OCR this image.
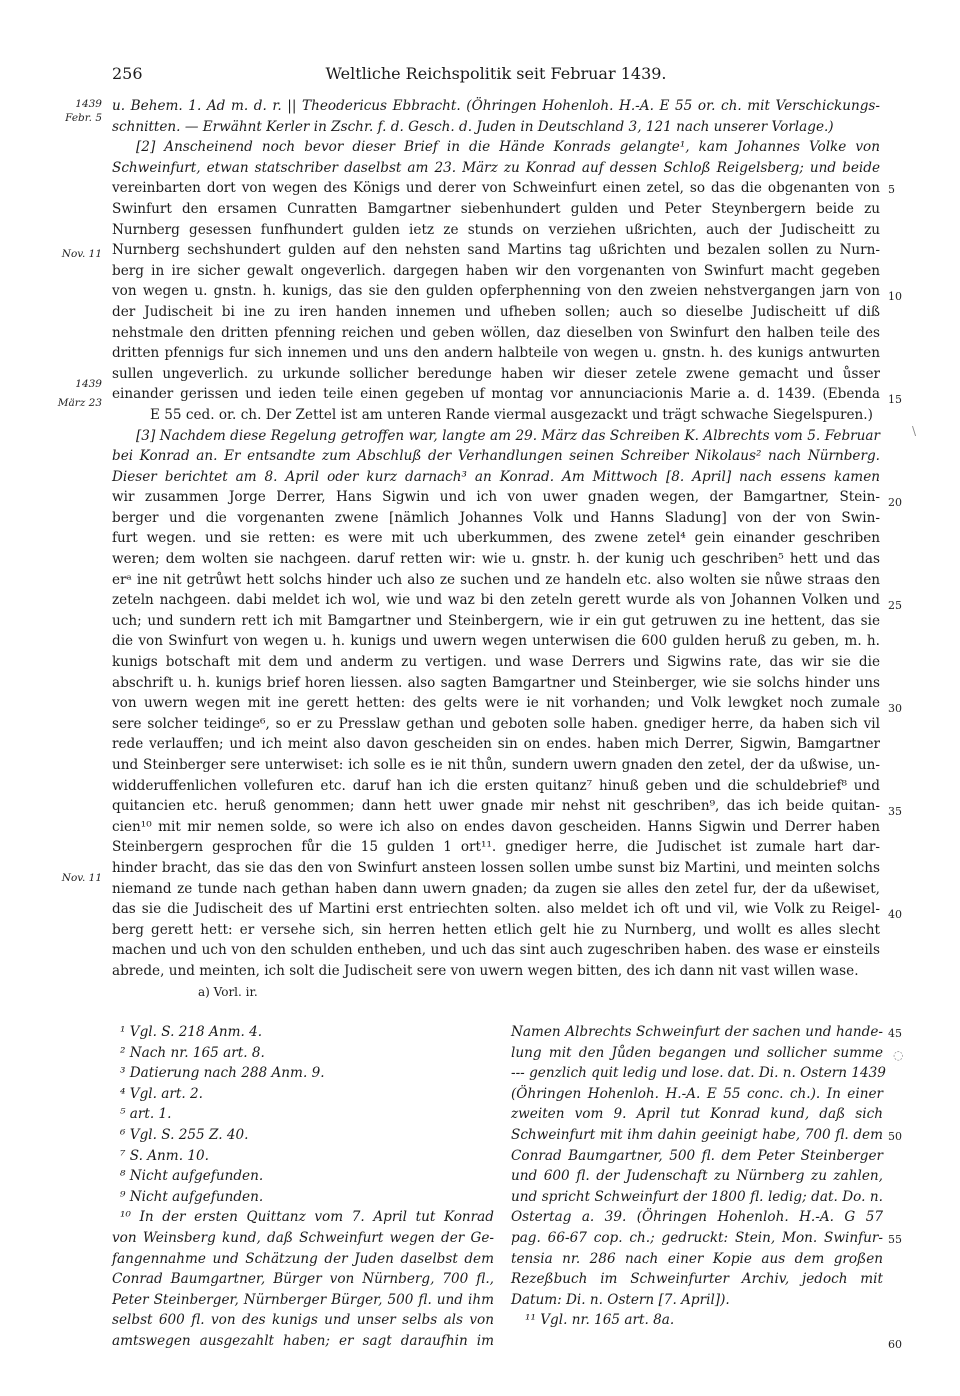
256	Weltliche Reichspolitik seit Februar 1439.
1439
Febr. 5
Nov. 11
1439
März 23
Nov. 11
5
10
15
20
25
30
35
40
45
50
55
60
u. Behem. 1. Ad m. d. r. || Theodericus Ebbracht. (Öhringen Hohenloh. H.-A. E 55 or. ch. mit Verschickungs-
schnitten. — Erwähnt Kerler in Zschr. f. d. Gesch. d. Juden in Deutschland 3, 121 nach unserer Vorlage.)
[2] Anscheinend noch bevor dieser Brief in die Hände Konrads gelangte¹, kam Johannes Volke von
Schweinfurt, etwan statschriber daselbst am 23. März zu Konrad auf dessen Schloß Reigelsberg; und beide
vereinbarten dort von wegen des Königs und derer von Schweinfurt einen zetel, so das die obgenanten von
Swinfurt den ersamen Cunratten Bamgartner siebenhundert gulden und Peter Steynbergern beide zu
Nurnberg gesessen funfhundert gulden ietz ze stunds on verziehen ußrichten, auch der Judischeitt zu
Nurnberg sechshundert gulden auf den nehsten sand Martins tag ußrichten und bezalen sollen zu Nurn-
berg in ire sicher gewalt ongeverlich. dargegen haben wir den vorgenanten von Swinfurt macht gegeben
von wegen u. gnstn. h. kunigs, das sie den gulden opferphenning von den zweien nehstvergangen jarn von
der Judischeit bi ine zu iren handen innemen und ufheben sollen; auch so dieselbe Judischeitt uf diß
nehstmale den dritten pfenning reichen und geben wöllen, daz dieselben von Swinfurt den halben teile des
dritten pfennigs fur sich innemen und uns den andern halbteile von wegen u. gnstn. h. des kunigs antwurten
sullen ungeverlich. zu urkunde sollicher beredunge haben wir dieser zetele zwene gemacht und ůsser
einander gerissen und ieden teile einen gegeben uf montag vor annunciacionis Marie a. d. 1439. (Ebenda
E 55 ced. or. ch. Der Zettel ist am unteren Rande viermal ausgezackt und trägt schwache Siegelspuren.)
[3] Nachdem diese Regelung getroffen war, langte am 29. März das Schreiben K. Albrechts vom 5. Februar
bei Konrad an. Er entsandte zum Abschluß der Verhandlungen seinen Schreiber Nikolaus² nach Nürnberg.
Dieser berichtet am 8. April oder kurz darnach³ an Konrad. Am Mittwoch [8. April] nach essens kamen
wir zusammen Jorge Derrer, Hans Sigwin und ich von uwer gnaden wegen, der Bamgartner, Stein-
berger und die vorgenanten zwene [nämlich Johannes Volk und Hanns Sladung] von der von Swin-
furt wegen. und sie retten: es were mit uch uberkummen, des zwene zetel⁴ gein einander geschriben
weren; dem wolten sie nachgeen. daruf retten wir: wie u. gnstr. h. der kunig uch geschriben⁵ hett und das
erᵃ ine nit getrůwt hett solchs hinder uch also ze suchen und ze handeln etc. also wolten sie nůwe straas den
zeteln nachgeen. dabi meldet ich wol, wie und waz bi den zeteln gerett wurde als von Johannen Volken und
uch; und sundern rett ich mit Bamgartner und Steinbergern, wie ir ein gut getruwen zu ine hettent, das sie
die von Swinfurt von wegen u. h. kunigs und uwern wegen unterwisen die 600 gulden heruß zu geben, m. h.
kunigs botschaft mit dem und anderm zu vertigen. und wase Derrers und Sigwins rate, das wir sie die
abschrift u. h. kunigs brief horen liessen. also sagten Bamgartner und Steinberger, wie sie solchs hinder uns
von uwern wegen mit ine gerett hetten: des gelts were ie nit vorhanden; und Volk lewgket noch zumale
sere solcher teidinge⁶, so er zu Presslaw gethan und geboten solle haben. gnediger herre, da haben sich vil
rede verlauffen; und ich meint also davon gescheiden sin on endes. haben mich Derrer, Sigwin, Bamgartner
und Steinberger sere unterwiset: ich solle es ie nit thůn, sundern uwern gnaden den zetel, der da ußwise, un-
widderuffenlichen vollefuren etc. daruf han ich die ersten quitanz⁷ hinuß geben und die schuldebrief⁸ und
quitancien etc. heruß genommen; dann hett uwer gnade mir nehst nit geschriben⁹, das ich beide quitan-
cien¹⁰ mit mir nemen solde, so were ich also on endes davon gescheiden. Hanns Sigwin und Derrer haben
Steinbergern gesprochen fůr die 15 gulden 1 ort¹¹. gnediger herre, die Judischet ist zumale hart dar-
hinder bracht, das sie das den von Swinfurt ansteen lossen sollen umbe sunst biz Martini, und meinten solchs
niemand ze tunde nach gethan haben dann uwern gnaden; da zugen sie alles den zetel fur, der da ußewiset,
das sie die Judischeit des uf Martini erst entriechten solten. also meldet ich oft und vil, wie Volk zu Reigel-
berg gerett hett: er versehe sich, sin herren hetten etlich gelt hie zu Nurnberg, und wollt es alles slecht
machen und uch von den schulden entheben, und uch das sint auch zugeschriben haben. des wase er einsteils
abrede, und meinten, ich solt die Judischeit sere von uwern wegen bitten, des ich dann nit vast willen wase.
a) Vorl. ir.
¹ Vgl. S. 218 Anm. 4.
² Nach nr. 165 art. 8.
³ Datierung nach 288 Anm. 9.
⁴ Vgl. art. 2.
⁵ art. 1.
⁶ Vgl. S. 255 Z. 40.
⁷ S. Anm. 10.
⁸ Nicht aufgefunden.
⁹ Nicht aufgefunden.
¹⁰ In der ersten Quittanz vom 7. April tut Konrad
von Weinsberg kund, daß Schweinfurt wegen der Ge-
fangennahme und Schätzung der Juden daselbst dem
Conrad Baumgartner, Bürger von Nürnberg, 700 fl.,
Peter Steinberger, Nürnberger Bürger, 500 fl. und ihm
selbst 600 fl. von des kunigs und unser selbs als von
amtswegen ausgezahlt haben; er sagt daraufhin im
Namen Albrechts Schweinfurt der sachen und hande-
lung mit den Jůden begangen und sollicher summe
--- genzlich quit ledig und lose. dat. Di. n. Ostern 1439
(Öhringen Hohenloh. H.-A. E 55 conc. ch.). In einer
zweiten vom 9. April tut Konrad kund, daß sich
Schweinfurt mit ihm dahin geeinigt habe, 700 fl. dem
Conrad Baumgartner, 500 fl. dem Peter Steinberger
und 600 fl. der Judenschaft zu Nürnberg zu zahlen,
und spricht Schweinfurt der 1800 fl. ledig; dat. Do. n.
Ostertag a. 39. (Öhringen Hohenloh. H.-A. G 57
pag. 66-67 cop. ch.; gedruckt: Stein, Mon. Swinfur-
tensia nr. 286 nach einer Kopie aus dem großen
Rezeßbuch im Schweinfurter Archiv, jedoch mit
Datum: Di. n. Ostern [7. April]).
¹¹ Vgl. nr. 165 art. 8a.
\
◌
